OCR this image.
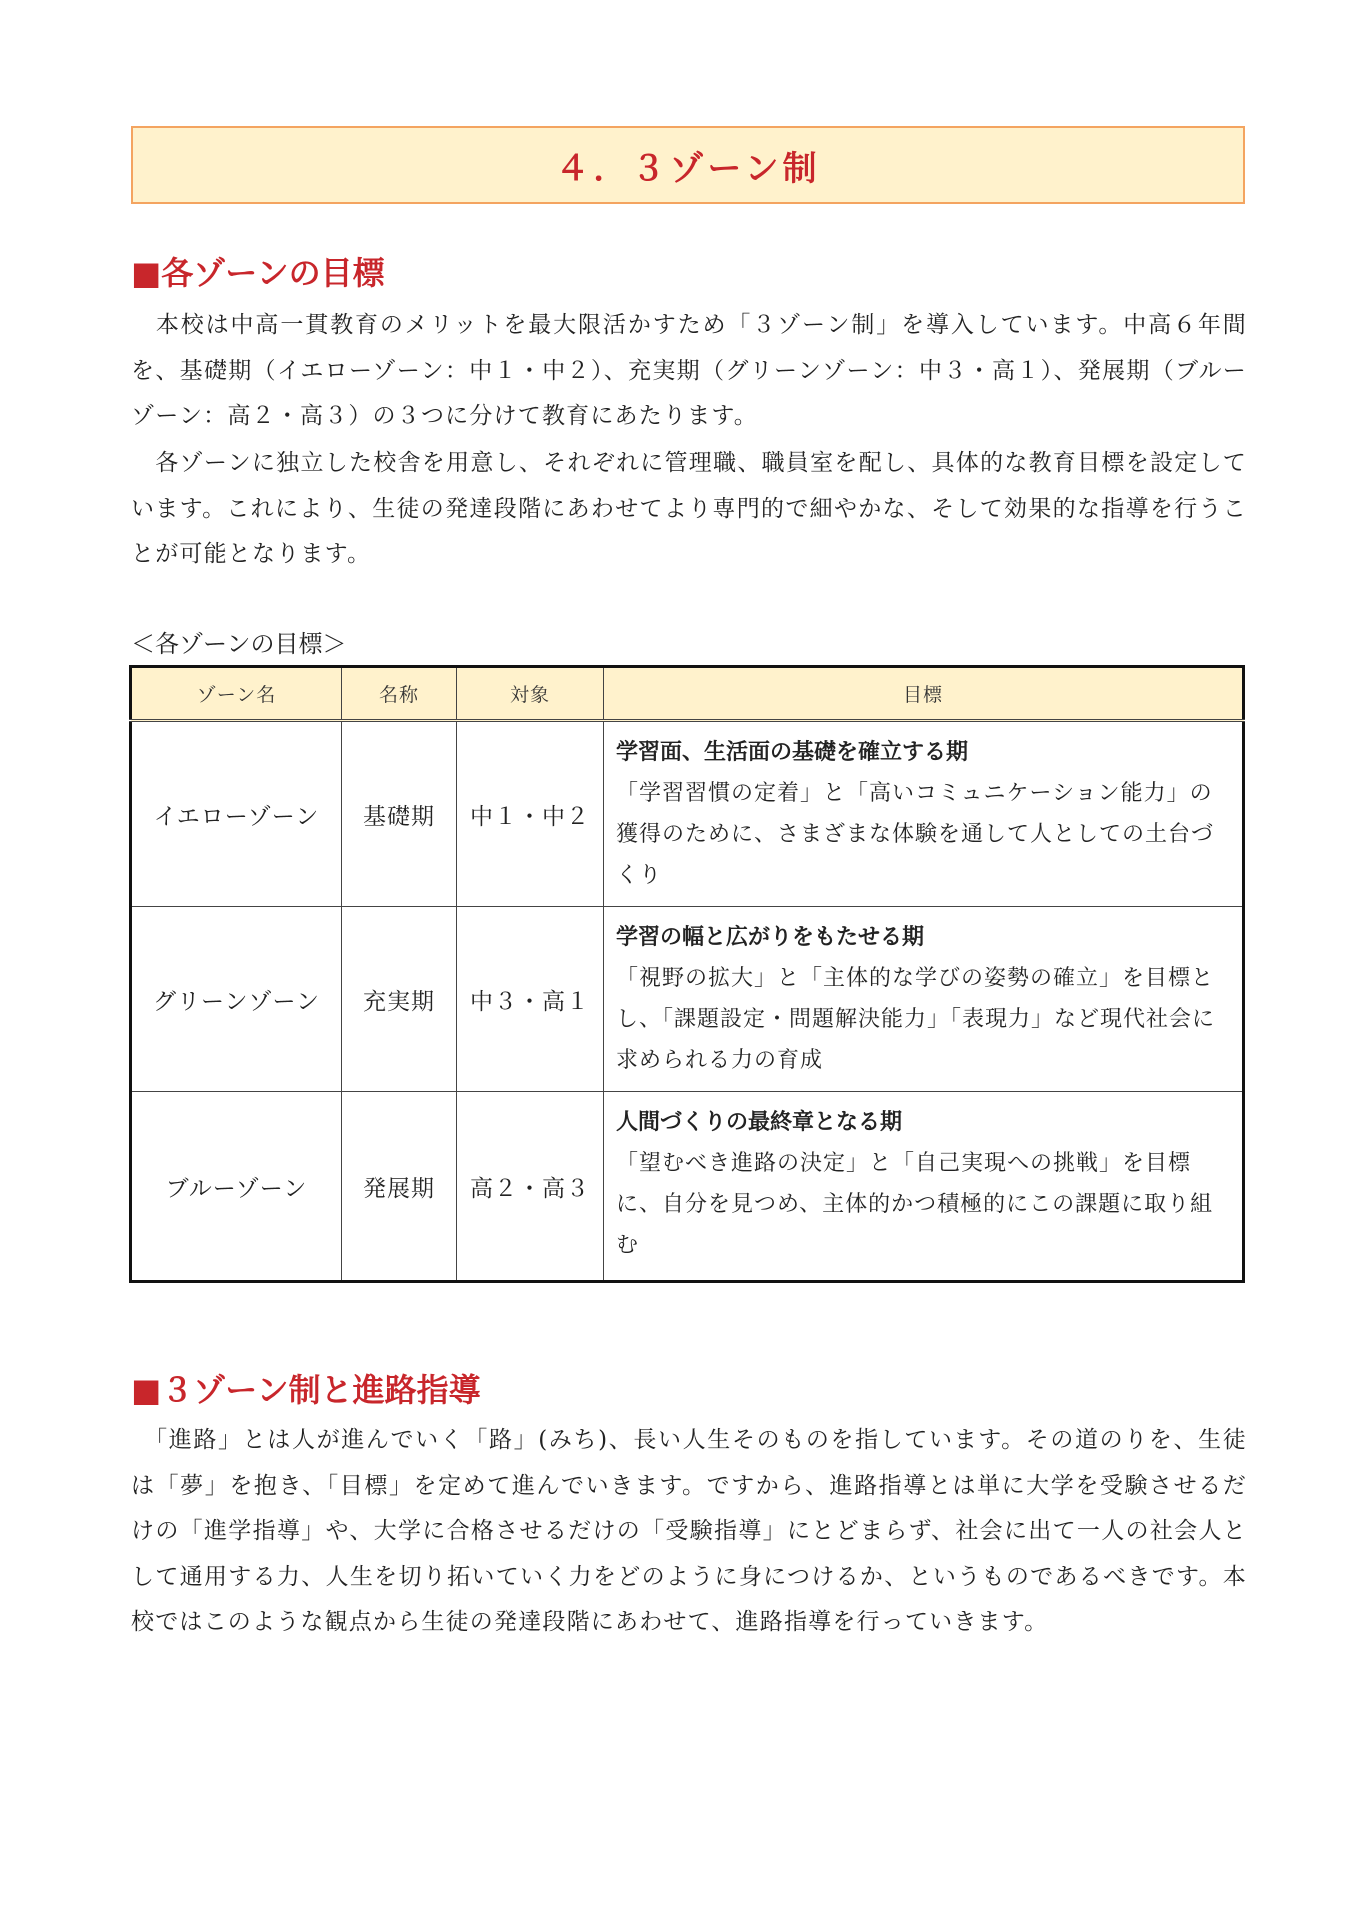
４．３ゾーン制
■各ゾーンの目標

　本校は中高一貫教育のメリットを最大限活かすため「３ゾーン制」を導入しています。中高６年間を、基礎期（イエローゾーン：中１・中２）、充実期（グリーンゾーン：中３・高１）、発展期（ブルーゾーン：高２・高３）の３つに分けて教育にあたります。

　各ゾーンに独立した校舎を用意し、それぞれに管理職、職員室を配し、具体的な教育目標を設定しています。これにより、生徒の発達段階にあわせてより専門的で細やかな、そして効果的な指導を行うことが可能となります。

＜各ゾーンの目標＞
ゾーン名	名称	対象	目標
イエローゾーン	基礎期	中１・中２	学習面、生活面の基礎を確立する期
「学習習慣の定着」と「高いコミュニケーション能力」の獲得のために、さまざまな体験を通して人としての土台づくり

グリーンゾーン	充実期	中３・高１	学習の幅と広がりをもたせる期
「視野の拡大」と「主体的な学びの姿勢の確立」を目標とし、「課題設定・問題解決能力」「表現力」など現代社会に求められる力の育成

ブルーゾーン	発展期	高２・高３	人間づくりの最終章となる期
「望むべき進路の決定」と「自己実現への挑戦」を目標に、自分を見つめ、主体的かつ積極的にこの課題に取り組む
■３ゾーン制と進路指導

　「進路」とは人が進んでいく「路」(みち)、長い人生そのものを指しています。その道のりを、生徒は「夢」を抱き、「目標」を定めて進んでいきます。ですから、進路指導とは単に大学を受験させるだけの「進学指導」や、大学に合格させるだけの「受験指導」にとどまらず、社会に出て一人の社会人として通用する力、人生を切り拓いていく力をどのように身につけるか、というものであるべきです。本校ではこのような観点から生徒の発達段階にあわせて、進路指導を行っていきます。
